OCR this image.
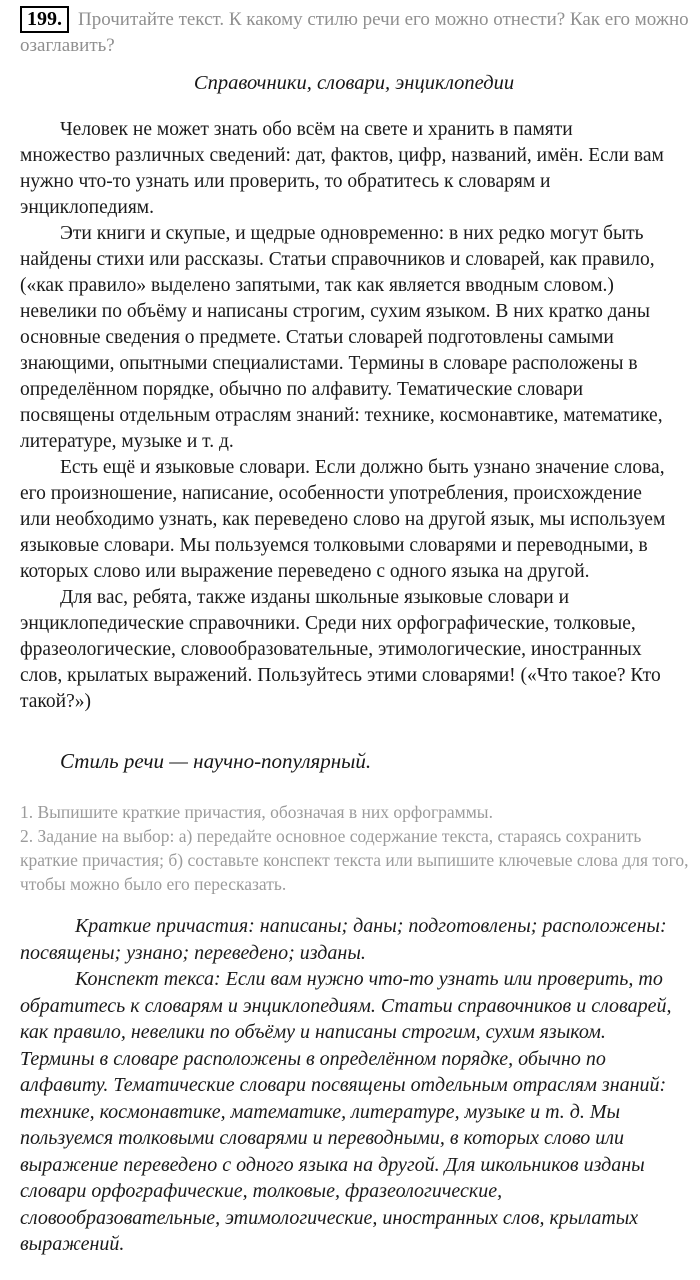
199. Прочитайте текст. К какому стилю речи его можно отнести? Как его можно
озаглавить?

Справочники, словари, энциклопедии
Человек не может знать обо всём на свете и хранить в памяти
множество различных сведений: дат, фактов, цифр, названий, имён. Если вам
нужно что-то узнать или проверить, то обратитесь к словарям и
энциклопедиям.
Эти книги и скупые, и щедрые одновременно: в них редко могут быть
найдены стихи или рассказы. Статьи справочников и словарей, как правило,
(«как правило» выделено запятыми, так как является вводным словом.)
невелики по объёму и написаны строгим, сухим языком. В них кратко даны
основные сведения о предмете. Статьи словарей подготовлены самыми
знающими, опытными специалистами. Термины в словаре расположены в
определённом порядке, обычно по алфавиту. Тематические словари
посвящены отдельным отраслям знаний: технике, космонавтике, математике,
литературе, музыке и т. д.
Есть ещё и языковые словари. Если должно быть узнано значение слова,
его произношение, написание, особенности употребления, происхождение
или необходимо узнать, как переведено слово на другой язык, мы используем
языковые словари. Мы пользуемся толковыми словарями и переводными, в
которых слово или выражение переведено с одного языка на другой.
Для вас, ребята, также изданы школьные языковые словари и
энциклопедические справочники. Среди них орфографические, толковые,
фразеологические, словообразовательные, этимологические, иностранных
слов, крылатых выражений. Пользуйтесь этими словарями! («Что такое? Кто
такой?»)

Стиль речи — научно-популярный.

1. Выпишите краткие причастия, обозначая в них орфограммы.
2. Задание на выбор: а) передайте основное содержание текста, стараясь сохранить
краткие причастия; б) составьте конспект текста или выпишите ключевые слова для того,
чтобы можно было его пересказать.
Краткие причастия: написаны; даны; подготовлены; расположены:
посвящены; узнано; переведено; изданы.
Конспект текса: Если вам нужно что-то узнать или проверить, то
обратитесь к словарям и энциклопедиям. Статьи справочников и словарей,
как правило, невелики по объёму и написаны строгим, сухим языком.
Термины в словаре расположены в определённом порядке, обычно по
алфавиту. Тематические словари посвящены отдельным отраслям знаний:
технике, космонавтике, математике, литературе, музыке и т. д. Мы
пользуемся толковыми словарями и переводными, в которых слово или
выражение переведено с одного языка на другой. Для школьников изданы
словари орфографические, толковые, фразеологические,
словообразовательные, этимологические, иностранных слов, крылатых
выражений.
